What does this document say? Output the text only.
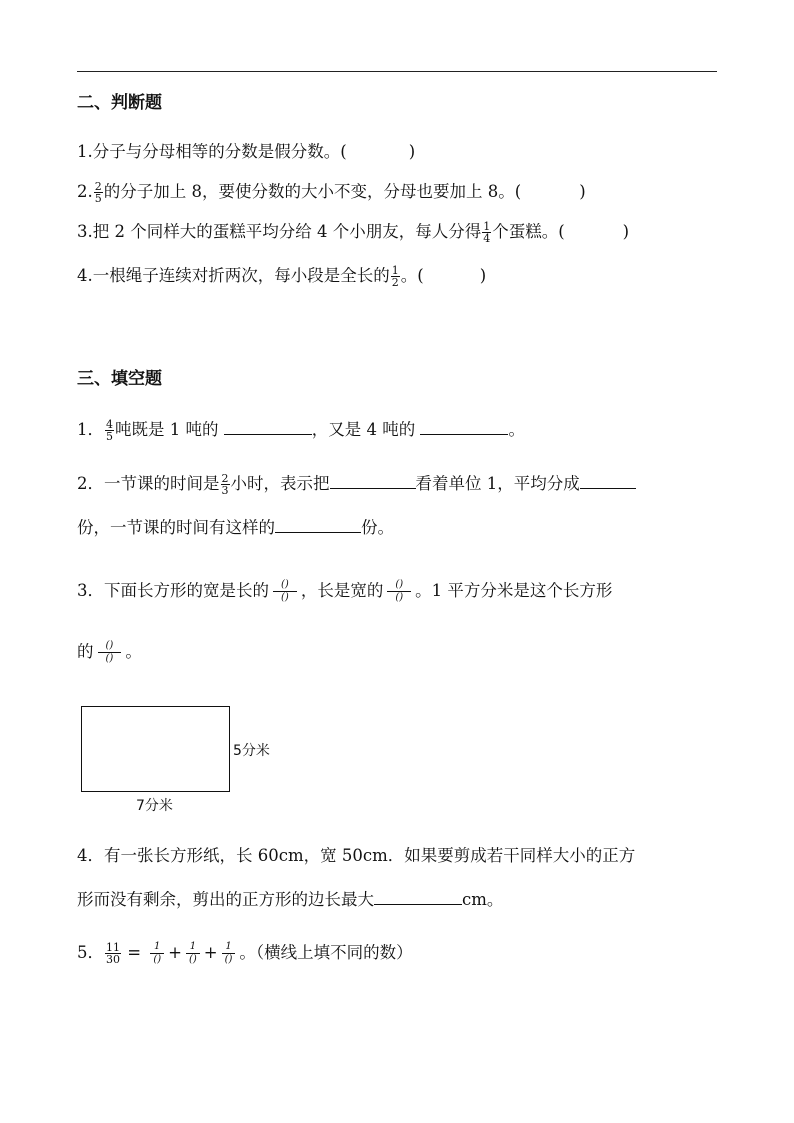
二、判断题
1.分子与分母相等的分数是假分数。(	)
2. $\frac{2}{5}$ 的分子加上 8，要使分数的大小不变，分母也要加上 8。(	)
3.把 2 个同样大的蛋糕平均分给 4 个小朋友，每人分得 $\frac{1}{4}$ 个蛋糕。(	)
4.一根绳子连续对折两次，每小段是全长的 $\frac{1}{2}$ 。(	)
三、填空题
1． $\frac{4}{5}$ 吨既是 1 吨的	，又是 4 吨的	。
2．一节课的时间是 $\frac{2}{3}$ 小时，表示把	看着单位 1，平均分成
份，一节课的时间有这样的	份。
3．下面长方形的宽是长的	()
() ，长是宽的	()
() 。1 平方分米是这个长方形
的	()
() 。
5分米
7分米
4．有一张长方形纸，长 60cm，宽 50cm．如果要剪成若干同样大小的正方
形而没有剩余，剪出的正方形的边长最大	cm。
5． $\frac{11}{30}$ =	1
() + 1
() + 1
() 。（横线上填不同的数）
